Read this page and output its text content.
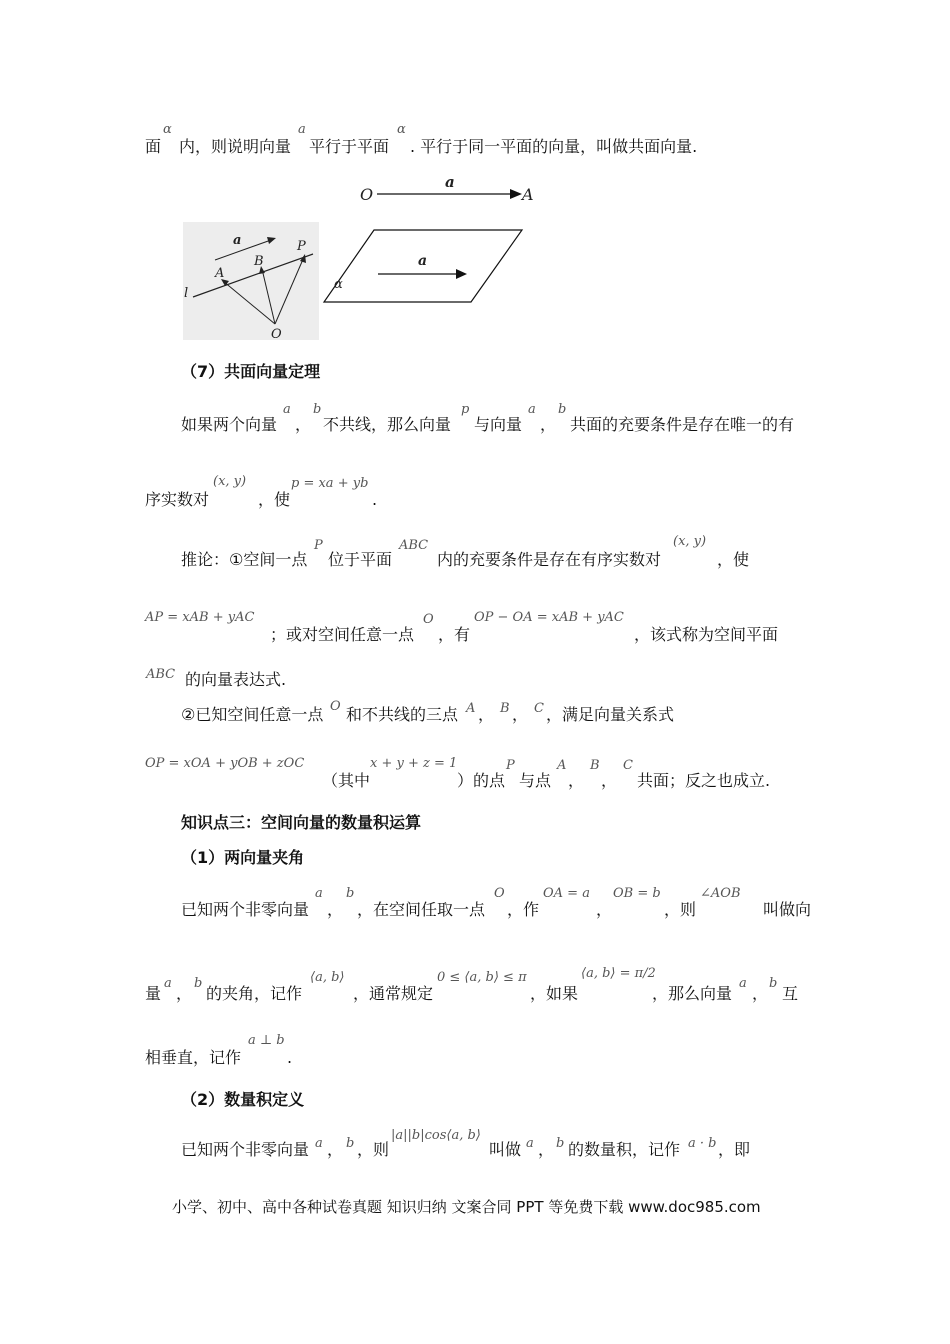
面
α
内，则说明向量
a
平行于平面
α
. 平行于同一平面的向量，叫做共面向量.
O
a
A
a
A
B
P
l
O
a
α
（7）共面向量定理
如果两个向量
a
，
b
不共线，那么向量
p
与向量
a
，
b
共面的充要条件是存在唯一的有
序实数对
(x, y)
，使
p = xa + yb
.
推论：①空间一点
P
位于平面
ABC
内的充要条件是存在有序实数对
(x, y)
，使
AP = xAB + yAC
；或对空间任意一点
O
，有
OP − OA = xAB + yAC
，该式称为空间平面
ABC 的向量表达式.
②已知空间任意一点 O 和不共线的三点 A ， B ， C ，满足向量关系式
OP = xOA + yOB + zOC
（其中
x + y + z = 1
）的点
P
与点
A
，
B
，
C
共面；反之也成立.
知识点三：空间向量的数量积运算
（1）两向量夹角
已知两个非零向量
a
，
b
，在空间任取一点
O
，作
OA = a
，
OB = b
，则
∠AOB
叫做向
量
a
，
b
的夹角，记作
⟨a, b⟩
，通常规定
0 ≤ ⟨a, b⟩ ≤ π
，如果
⟨a, b⟩ = π/2
，那么向量
a
，
b
互
相垂直，记作
a ⊥ b
.
（2）数量积定义
已知两个非零向量 a ， b ，则
|a||b|cos⟨a, b⟩
叫做 a ， b 的数量积，记作 a · b ，即
小学、初中、高中各种试卷真题 知识归纳 文案合同 PPT 等免费下载 www.doc985.com
